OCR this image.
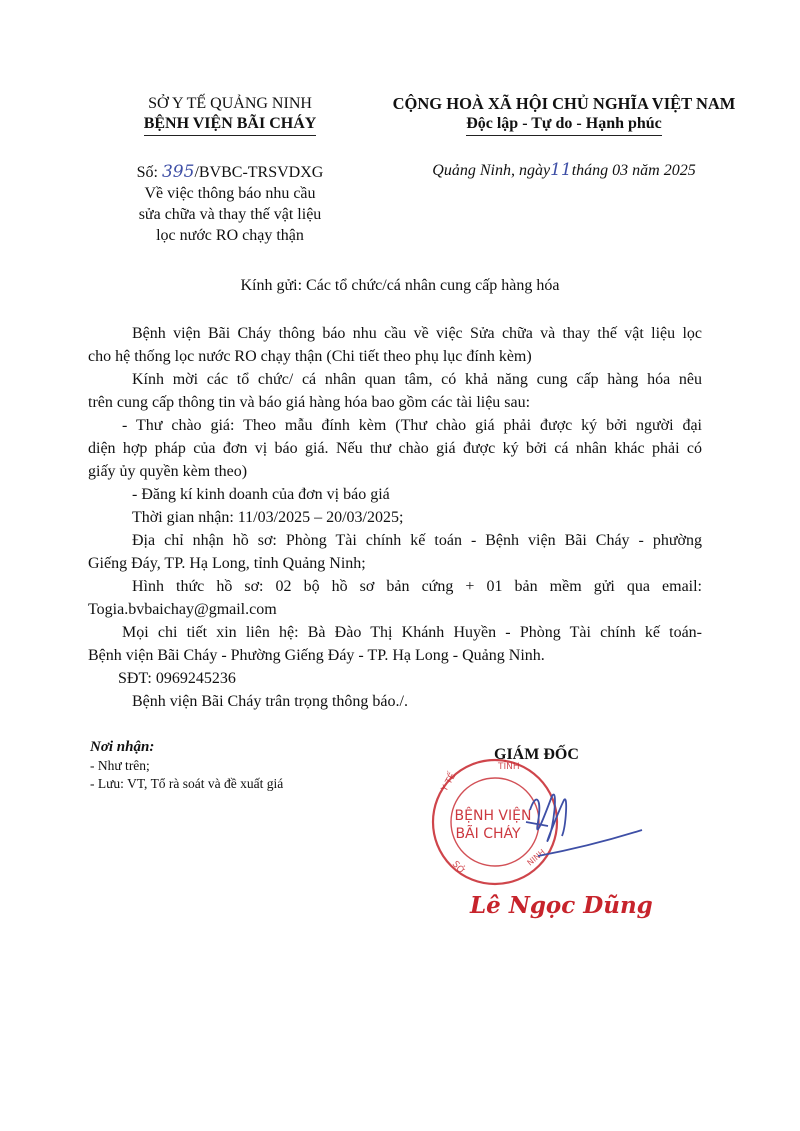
SỞ Y TẾ QUẢNG NINH
BỆNH VIỆN BÃI CHÁY
Số: 395/BVBC-TRSVDXG
Về việc thông báo nhu cầu
sửa chữa và thay thế vật liệu
lọc nước RO chạy thận
CỘNG HOÀ XÃ HỘI CHỦ NGHĨA VIỆT NAM
Độc lập - Tự do - Hạnh phúc
Quảng Ninh, ngày11tháng 03 năm 2025
Kính gửi: Các tổ chức/cá nhân cung cấp hàng hóa

Bệnh viện Bãi Cháy thông báo nhu cầu về việc Sửa chữa và thay thế vật liệu lọc

cho hệ thống lọc nước RO chạy thận (Chi tiết theo phụ lục đính kèm)

Kính mời các tổ chức/ cá nhân quan tâm, có khả năng cung cấp hàng hóa nêu

trên cung cấp thông tin và báo giá hàng hóa bao gồm các tài liệu sau:

- Thư chào giá: Theo mẫu đính kèm (Thư chào giá phải được ký bởi người đại

diện hợp pháp của đơn vị báo giá. Nếu thư chào giá được ký bởi cá nhân khác phải có

giấy ủy quyền kèm theo)

- Đăng kí kinh doanh của đơn vị báo giá

Thời gian nhận: 11/03/2025 – 20/03/2025;

Địa chỉ nhận hồ sơ: Phòng Tài chính kế toán - Bệnh viện Bãi Cháy - phường

Giếng Đáy, TP. Hạ Long, tỉnh Quảng Ninh;

Hình thức hồ sơ: 02 bộ hồ sơ bản cứng + 01 bản mềm gửi qua email:

Togia.bvbaichay@gmail.com

Mọi chi tiết xin liên hệ: Bà Đào Thị Khánh Huyền - Phòng Tài chính kế toán-

Bệnh viện Bãi Cháy - Phường Giếng Đáy - TP. Hạ Long - Quảng Ninh.

SĐT: 0969245236

Bệnh viện Bãi Cháy trân trọng thông báo./.

Nơi nhận:
- Như trên;
- Lưu: VT, Tổ rà soát và đề xuất giá
TỈNH
Y TẾ
SỞ
NINH
BỆNH VIỆN
BÃI CHÁY
GIÁM ĐỐC
Lê Ngọc Dũng
